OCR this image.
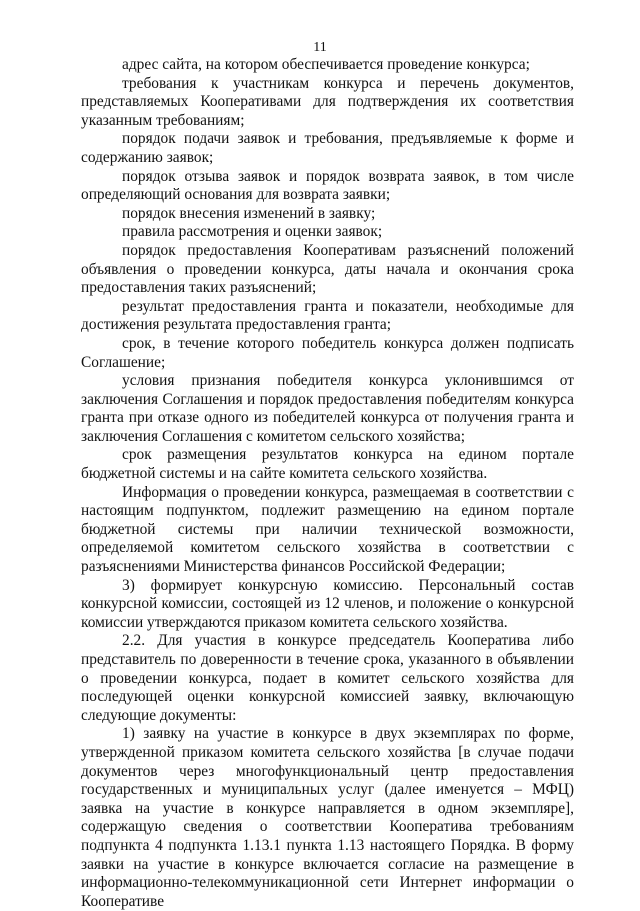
11

адрес сайта, на котором обеспечивается проведение конкурса;

требования к участникам конкурса и перечень документов, представляемых Кооперативами для подтверждения их соответствия указанным требованиям;

порядок подачи заявок и требования, предъявляемые к форме и содержанию заявок;

порядок отзыва заявок и порядок возврата заявок, в том числе определяющий основания для возврата заявки;

порядок внесения изменений в заявку;

правила рассмотрения и оценки заявок;

порядок предоставления Кооперативам разъяснений положений объявления о проведении конкурса, даты начала и окончания срока предоставления таких разъяснений;

результат предоставления гранта и показатели, необходимые для достижения результата предоставления гранта;

срок, в течение которого победитель конкурса должен подписать Соглашение;

условия признания победителя конкурса уклонившимся от заключения Соглашения и порядок предоставления победителям конкурса гранта при отказе одного из победителей конкурса от получения гранта и заключения Соглашения с комитетом сельского хозяйства;

срок размещения результатов конкурса на едином портале бюджетной системы и на сайте комитета сельского хозяйства.

Информация о проведении конкурса, размещаемая в соответствии с настоящим подпунктом, подлежит размещению на едином портале бюджетной системы при наличии технической возможности, определяемой комитетом сельского хозяйства в соответствии с разъяснениями Министерства финансов Российской Федерации;

3) формирует конкурсную комиссию. Персональный состав конкурсной комиссии, состоящей из 12 членов, и положение о конкурсной комиссии утверждаются приказом комитета сельского хозяйства.

2.2. Для участия в конкурсе председатель Кооператива либо представитель по доверенности в течение срока, указанного в объявлении о проведении конкурса, подает в комитет сельского хозяйства для последующей оценки конкурсной комиссией заявку, включающую следующие документы:

1) заявку на участие в конкурсе в двух экземплярах по форме, утвержденной приказом комитета сельского хозяйства [в случае подачи документов через многофункциональный центр предоставления государственных и муниципальных услуг (далее именуется – МФЦ) заявка на участие в конкурсе направляется в одном экземпляре], содержащую сведения о соответствии Кооператива требованиям подпункта 4 подпункта 1.13.1 пункта 1.13 настоящего Порядка. В форму заявки на участие в конкурсе включается согласие на размещение в информационно-телекоммуникационной сети Интернет информации о Кооперативе
